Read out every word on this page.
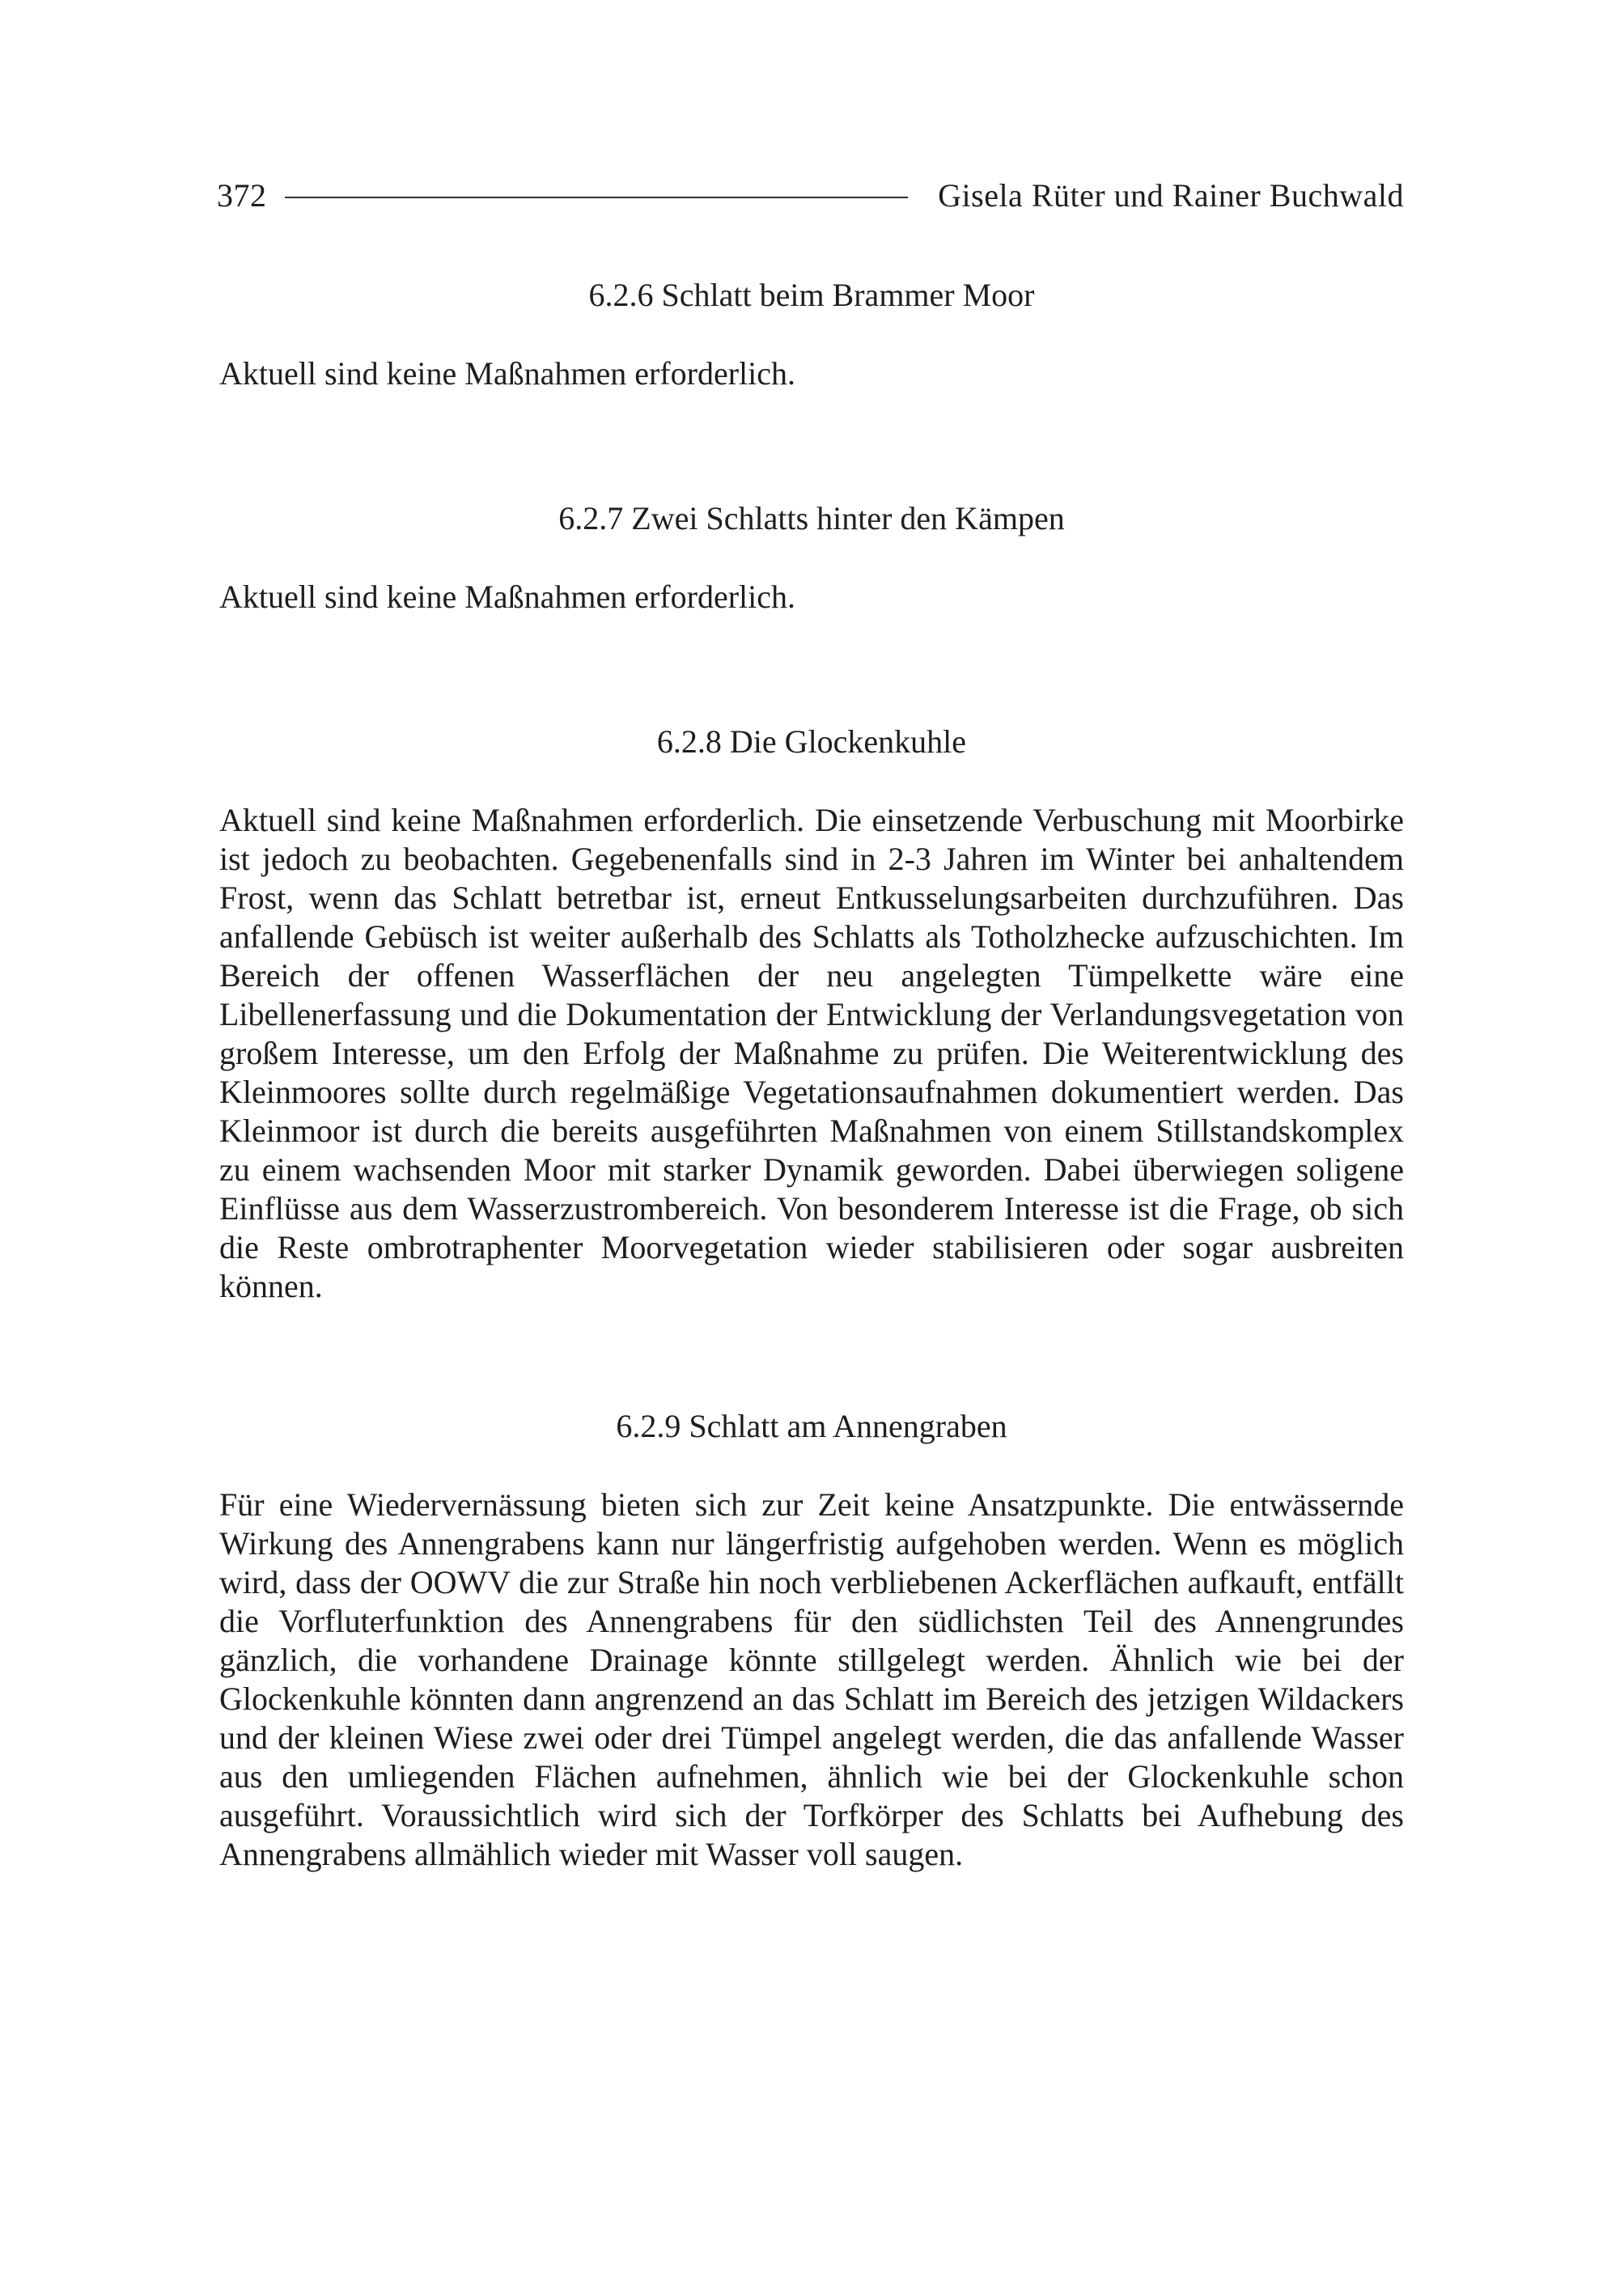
372	Gisela Rüter und Rainer Buchwald
6.2.6 Schlatt beim Brammer Moor

Aktuell sind keine Maßnahmen erforderlich.

6.2.7 Zwei Schlatts hinter den Kämpen

Aktuell sind keine Maßnahmen erforderlich.

6.2.8 Die Glockenkuhle

Aktuell sind keine Maßnahmen erforderlich. Die einsetzende Verbuschung mit Moorbirke ist jedoch zu beobachten. Gegebenenfalls sind in 2-3 Jahren im Winter bei anhaltendem Frost, wenn das Schlatt betretbar ist, erneut Entkusselungsarbeiten durchzuführen. Das anfallende Gebüsch ist weiter außerhalb des Schlatts als Totholzhecke aufzuschichten. Im Bereich der offenen Wasserflächen der neu angelegten Tümpelkette wäre eine Libellenerfassung und die Dokumentation der Entwicklung der Verlandungsvegetation von großem Interesse, um den Erfolg der Maßnahme zu prüfen. Die Weiterentwicklung des Kleinmoores sollte durch regelmäßige Vegetationsaufnahmen dokumentiert werden. Das Kleinmoor ist durch die bereits ausgeführten Maßnahmen von einem Stillstandskomplex zu einem wachsenden Moor mit starker Dynamik geworden. Dabei überwiegen soligene Einflüsse aus dem Wasserzustrombereich. Von besonderem Interesse ist die Frage, ob sich die Reste ombrotraphenter Moorvegetation wieder stabilisieren oder sogar ausbreiten können.

6.2.9 Schlatt am Annengraben

Für eine Wiedervernässung bieten sich zur Zeit keine Ansatzpunkte. Die entwässernde Wirkung des Annengrabens kann nur längerfristig aufgehoben werden. Wenn es möglich wird, dass der OOWV die zur Straße hin noch verbliebenen Ackerflächen aufkauft, entfällt die Vorfluterfunktion des Annengrabens für den südlichsten Teil des Annengrundes gänzlich, die vorhandene Drainage könnte stillgelegt werden. Ähnlich wie bei der Glockenkuhle könnten dann angrenzend an das Schlatt im Bereich des jetzigen Wildackers und der kleinen Wiese zwei oder drei Tümpel angelegt werden, die das anfallende Wasser aus den umliegenden Flächen aufnehmen, ähnlich wie bei der Glockenkuhle schon ausgeführt. Voraussichtlich wird sich der Torfkörper des Schlatts bei Aufhebung des Annengrabens allmählich wieder mit Wasser voll saugen.
